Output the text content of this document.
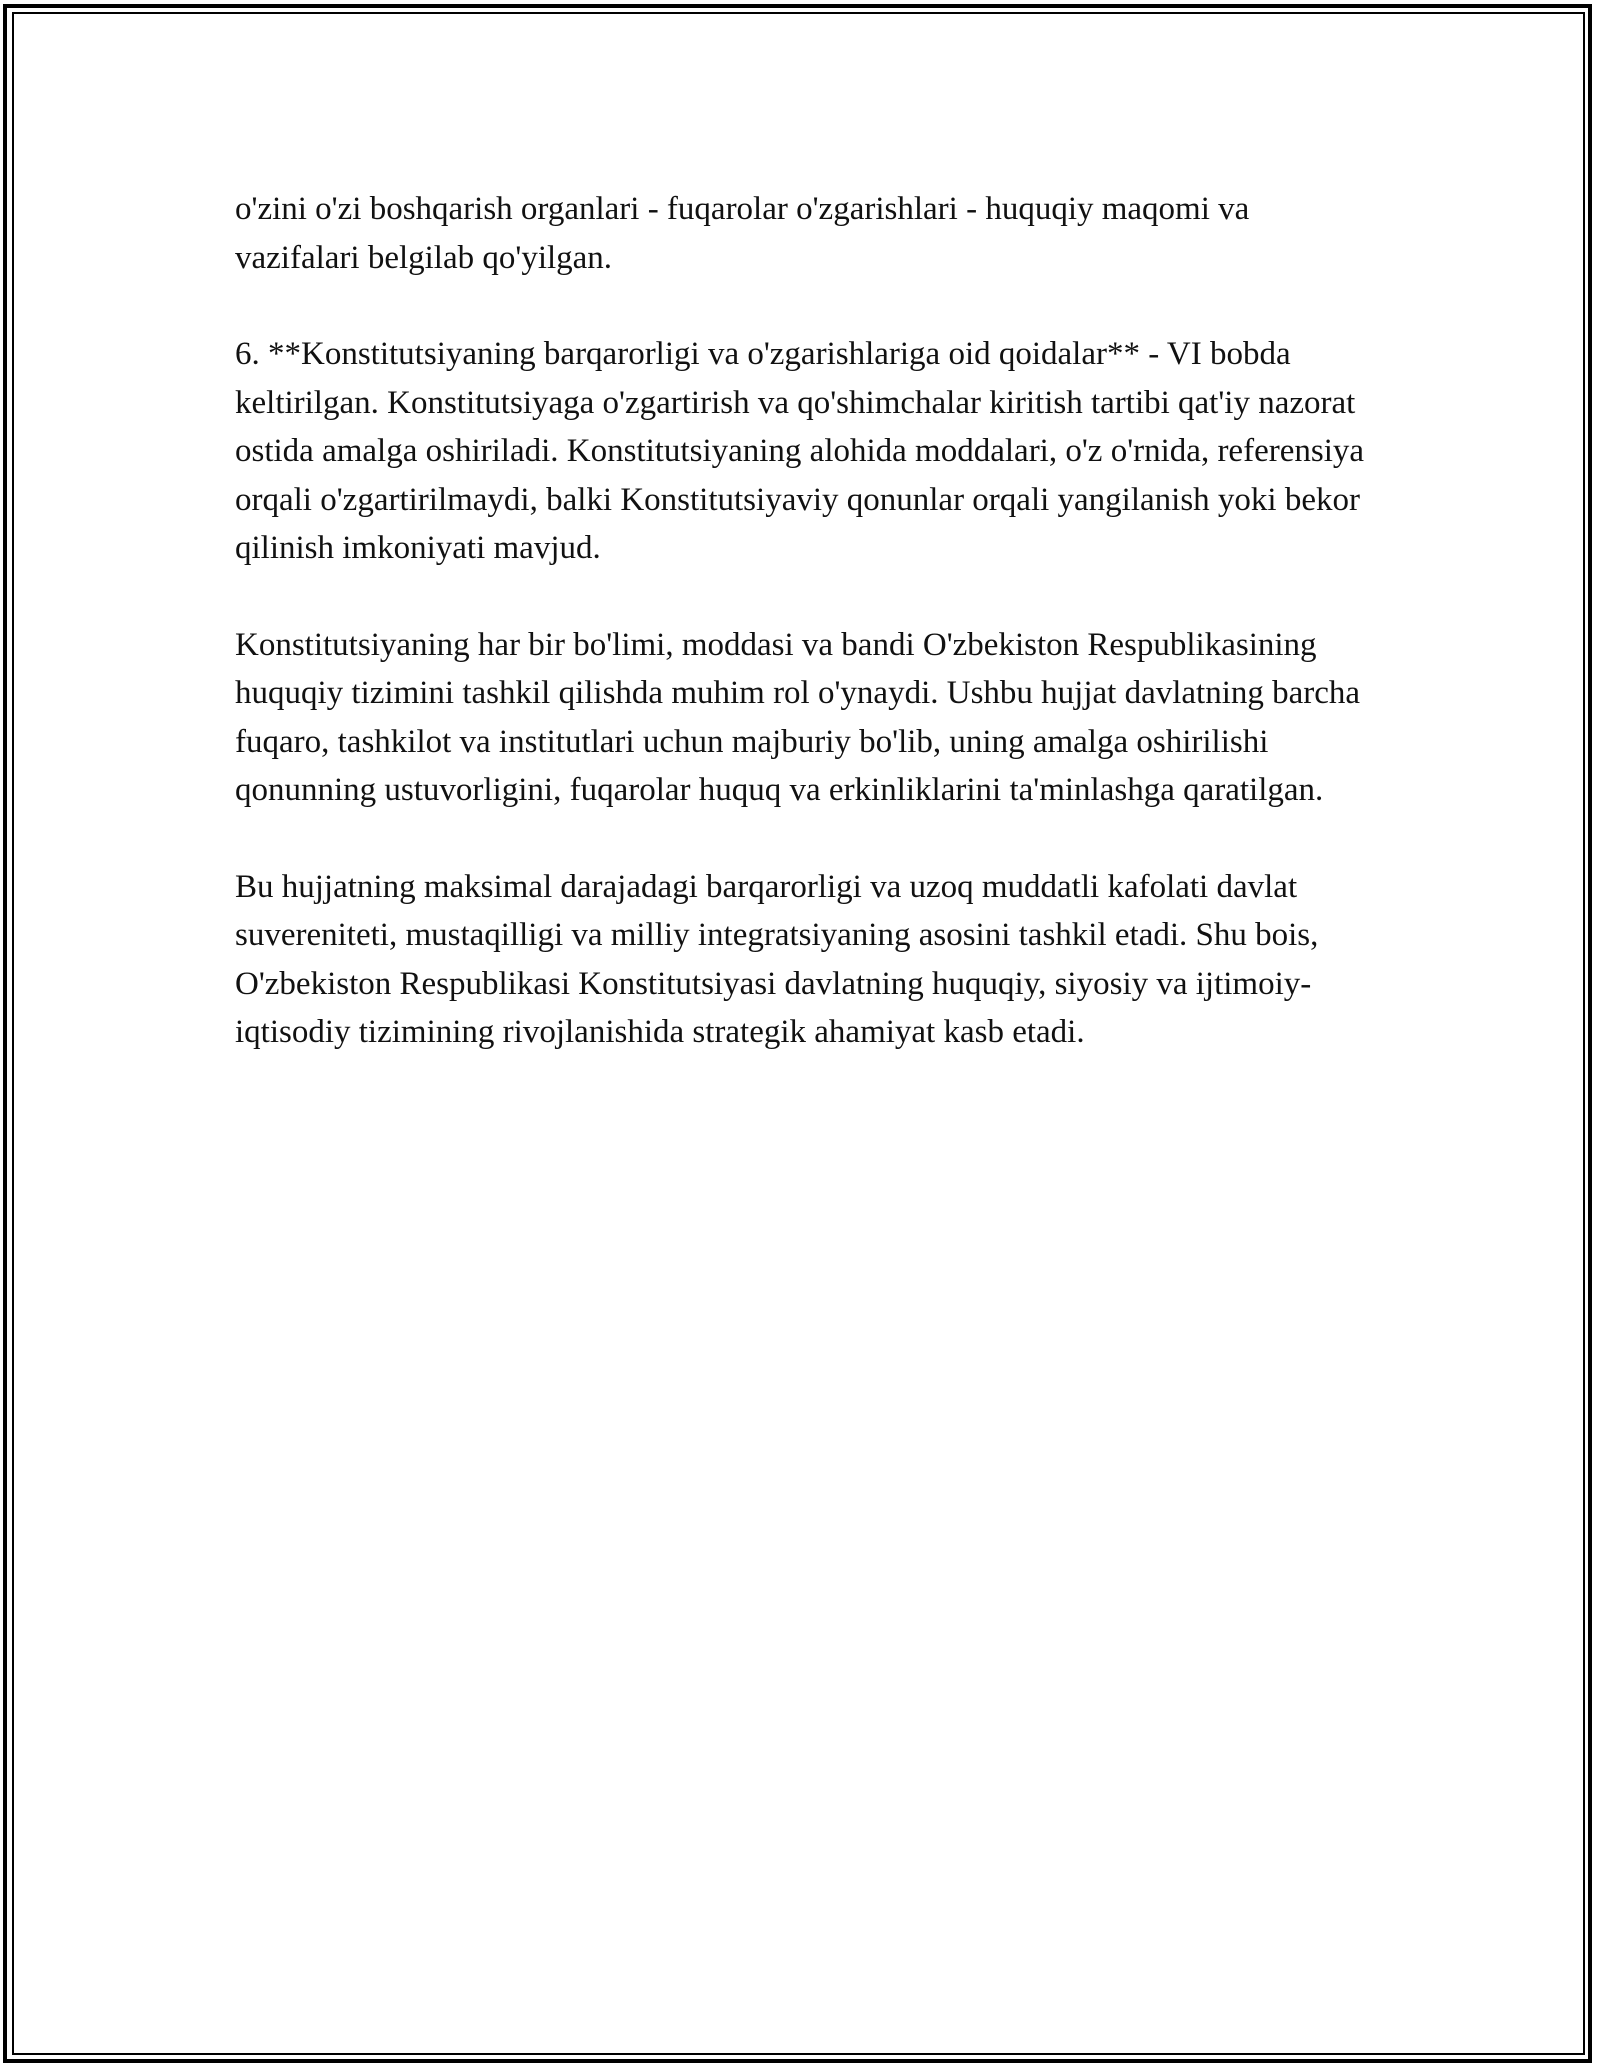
o'zini o'zi boshqarish organlari - fuqarolar o'zgarishlari - huquqiy maqomi va vazifalari belgilab qo'yilgan.

6. **Konstitutsiyaning barqarorligi va o'zgarishlariga oid qoidalar** - VI bobda keltirilgan. Konstitutsiyaga o'zgartirish va qo'shimchalar kiritish tartibi qat'iy nazorat ostida amalga oshiriladi. Konstitutsiyaning alohida moddalari, o'z o'rnida, referensiya orqali o'zgartirilmaydi, balki Konstitutsiyaviy qonunlar orqali yangilanish yoki bekor qilinish imkoniyati mavjud.

Konstitutsiyaning har bir bo'limi, moddasi va bandi O'zbekiston Respublikasining huquqiy tizimini tashkil qilishda muhim rol o'ynaydi. Ushbu hujjat davlatning barcha fuqaro, tashkilot va institutlari uchun majburiy bo'lib, uning amalga oshirilishi qonunning ustuvorligini, fuqarolar huquq va erkinliklarini ta'minlashga qaratilgan.

Bu hujjatning maksimal darajadagi barqarorligi va uzoq muddatli kafolati davlat suvereniteti, mustaqilligi va milliy integratsiyaning asosini tashkil etadi. Shu bois, O'zbekiston Respublikasi Konstitutsiyasi davlatning huquqiy, siyosiy va ijtimoiy-iqtisodiy tizimining rivojlanishida strategik ahamiyat kasb etadi.
